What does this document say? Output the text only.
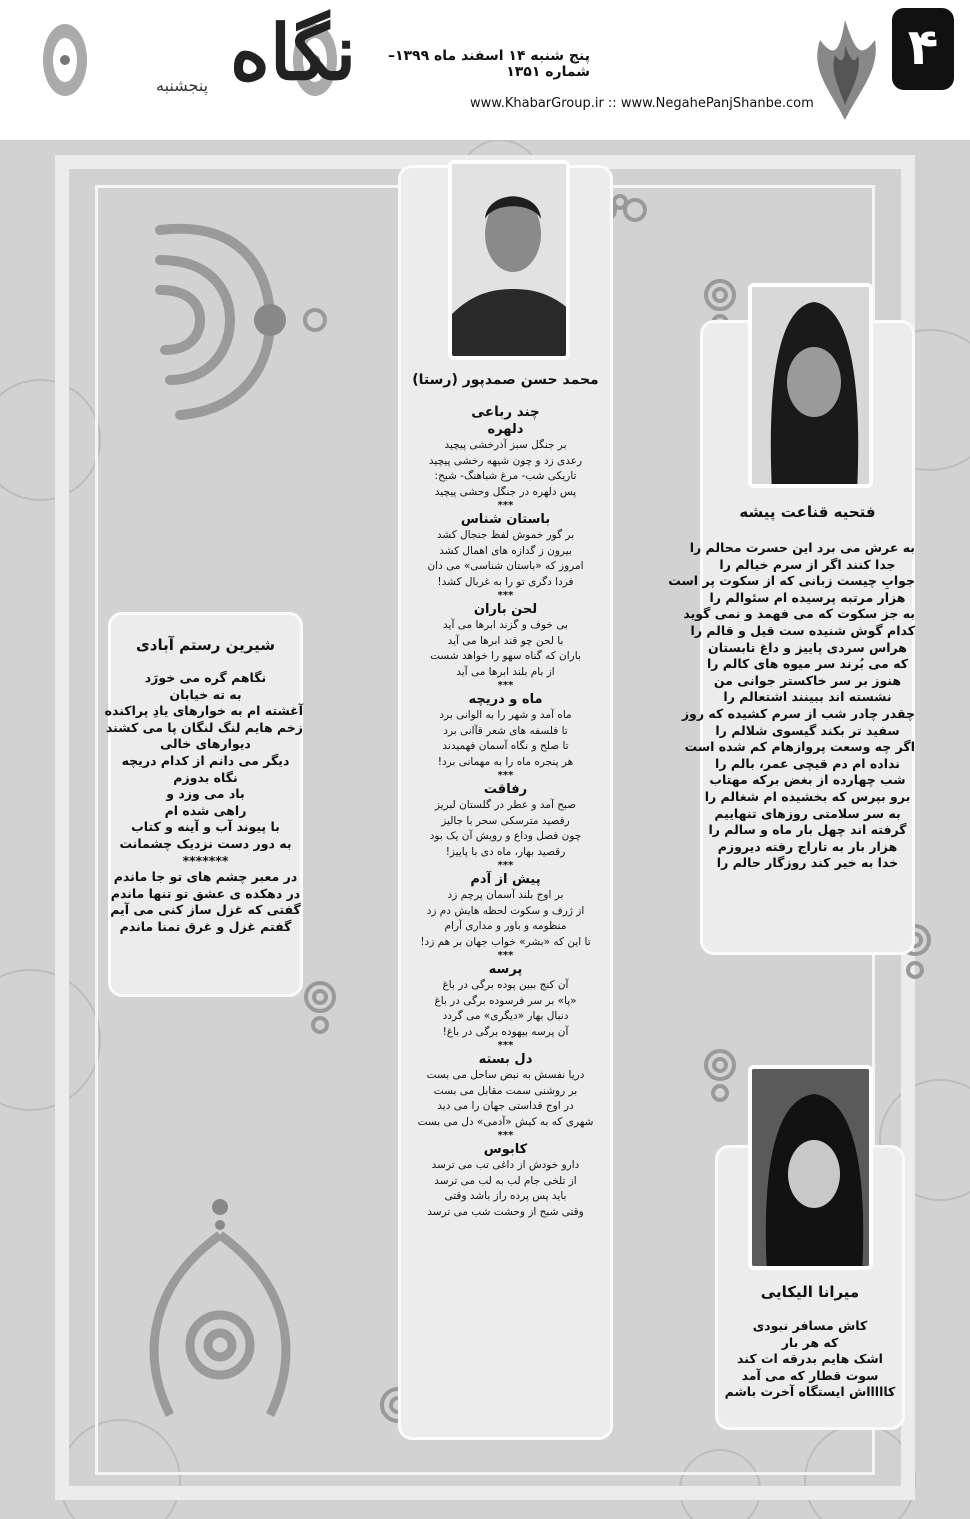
نگاه
پنجشنبه
پنج شنبه ۱۴ اسفند ماه ۱۳۹۹– شماره ۱۳۵۱
www.KhabarGroup.ir :: www.NegahePanjShanbe.com
۴
فتحیه قناعت پیشه
به عرش می برد این حسرت محالم را
جدا کنند اگر از سرم خیالم را
جوابِ چیست زبانی که از سکوت پر است
هزار مرتبه پرسیده ام سئوالم را
به جز سکوت که می فهمد و نمی گوید
کدام گوش شنیده ست قیل و قالم را
هراس سردی پاییز و داغ تابستان
که می بُرند سر میوه های کالم را
هنوز بر سر خاکستر جوانی من
نشسته اند ببینند اشتعالم را
چقدر چادر شب از سرم کشیده که روز
سفید تر بکند گیسوی شلالم را
اگر چه وسعت پروازهام کم شده است
نداده ام دم قیچی عمر، بالم را
شب چهارده از بغض برکه مهتاب
برو بپرس که بخشیده ام شغالم را
به سر سلامتی روزهای تنهاییم
گرفته اند چهل بار ماه و سالم را
هزار بار به تاراج رفته دیروزم
خدا به خیر کند روزگار حالم را
میرانا الیکایی
کاش مسافر نبودی
که هر بار
اشک هایم بدرقه ات کند
سوت قطار که می آمد
کاااااش ایستگاه آخرت باشم
شیرین رستم آبادی
نگاهم گره می خورَد
به ته خیابان
آغشته ام به خوارهای یادِ پراکنده
زخم هایم لنگ لنگان پا می کشند
دیوارهای خالی
دیگر می دانم از کدام دریچه
نگاه بدوزم
باد می وزد و
راهی شده ام
با پیوند آب و آینه و کتاب
به دور دست نزدیک چشمانت
*******
در معبر چشم های تو جا ماندم
در دهکده ی عشق تو تنها ماندم
گفتی که غزل ساز کنی می آیم
گفتم غزل و غرق تمنا ماندم
محمد حسن صمدپور (رستا)
چند رباعی
دلهره
بر جنگل سبز آذرخشی پیچید
رعدی زد و چون شیهه رخشی پیچید
تاریکی شب- مرغ شباهنگ- شبح:
پس دلهره در جنگل وحشی پیچید
***
باستان شناس
بر گور خموش لفظ جنجال کشد
بیرون ز گدازه های اهمال کشد
امروز که «باستان شناسی» می دان
فردا دگری تو را به غربال کشد!
***
لحن باران
بی خوف و گزند ابرها می آید
با لحن چو قند ابرها می آید
باران که گناه سهو را خواهد شست
از بام بلند ابرها می آید
***
ماه و دریچه
ماه آمد و شهر را به الوانی برد
تا فلسفه های شعر قآانی برد
تا صلح و نگاه آسمان فهمیدند
هر پنجره ماه را به مهمانی برد!
***
رفاقت
صبح آمد و عطر در گلستان لبریز
رقصید مترسکی سحر با جالیز
چون فصل وداع و رویش آن یک بود
رقصید بهار، ماه دی با پاییز!
***
پیش از آدم
بر اوج بلند آسمان پرچم زد
از ژرف و سکوت لحظه هایش دم زد
منظومه و باور و مداری آرام
تا این که «بشر» خواب جهان بر هم زد!
***
پرسه
آن کنج ببین پوده برگی در باغ
«پا» بر سر فرسوده برگی در باغ
دنبال بهار «دیگری» می گردد
آن پرسه بیهوده برگی در باغ!
***
دل بسته
دریا نفسش به نبض ساحل می بست
بر روشنی سمت مقابل می بست
در اوج قداستی جهان را می دید
شهری که به کیش «آدمی» دل می بست
***
کابوس
دارو خودش از داغی تب می ترسد
از تلخی جام لب به لب می ترسد
باید پس پرده راز باشد وقتی
وقتی شبح از وحشت شب می ترسد
